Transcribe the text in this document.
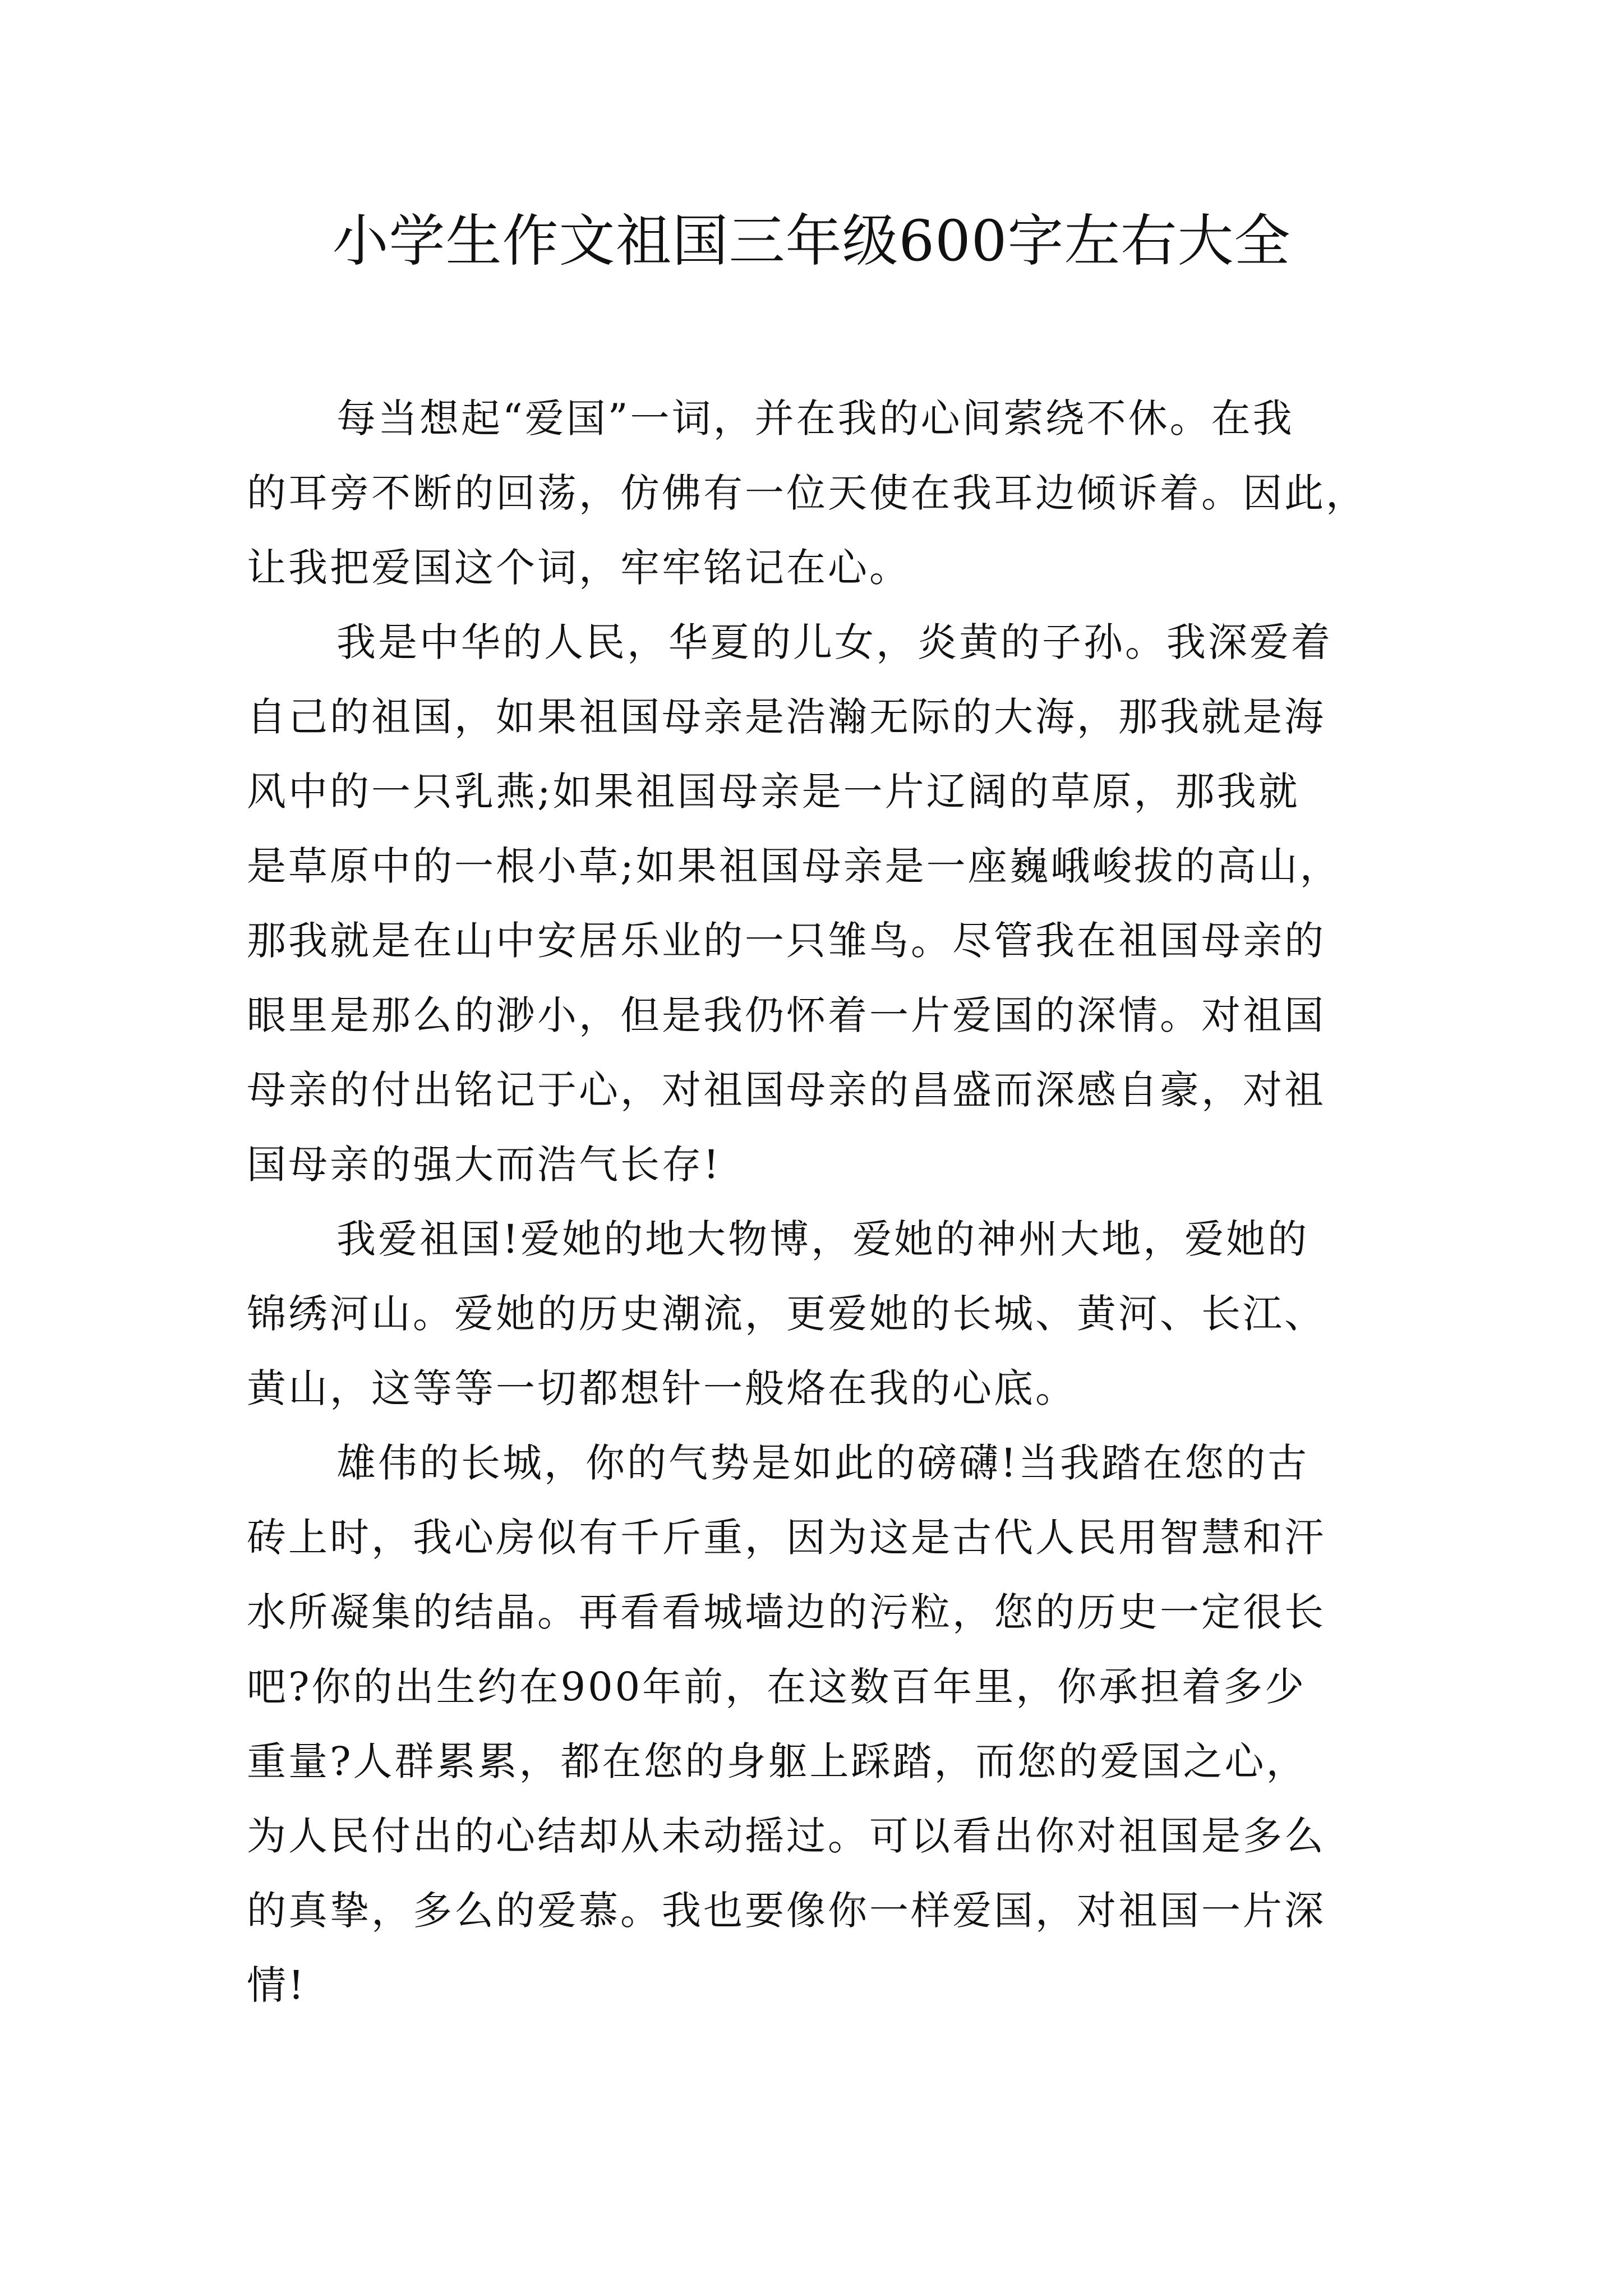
小学生作文祖国三年级600字左右大全
每当想起“爱国”一词，并在我的心间萦绕不休。在我
的耳旁不断的回荡，仿佛有一位天使在我耳边倾诉着。因此，
让我把爱国这个词，牢牢铭记在心。
我是中华的人民，华夏的儿女，炎黄的子孙。我深爱着
自己的祖国，如果祖国母亲是浩瀚无际的大海，那我就是海
风中的一只乳燕;如果祖国母亲是一片辽阔的草原，那我就
是草原中的一根小草;如果祖国母亲是一座巍峨峻拔的高山，
那我就是在山中安居乐业的一只雏鸟。尽管我在祖国母亲的
眼里是那么的渺小，但是我仍怀着一片爱国的深情。对祖国
母亲的付出铭记于心，对祖国母亲的昌盛而深感自豪，对祖
国母亲的强大而浩气长存!
我爱祖国!爱她的地大物博，爱她的神州大地，爱她的
锦绣河山。爱她的历史潮流，更爱她的长城、黄河、长江、
黄山，这等等一切都想针一般烙在我的心底。
雄伟的长城，你的气势是如此的磅礴!当我踏在您的古
砖上时，我心房似有千斤重，因为这是古代人民用智慧和汗
水所凝集的结晶。再看看城墙边的污粒，您的历史一定很长
吧?你的出生约在900年前，在这数百年里，你承担着多少
重量?人群累累，都在您的身躯上踩踏，而您的爱国之心，
为人民付出的心结却从未动摇过。可以看出你对祖国是多么
的真挚，多么的爱慕。我也要像你一样爱国，对祖国一片深
情!
